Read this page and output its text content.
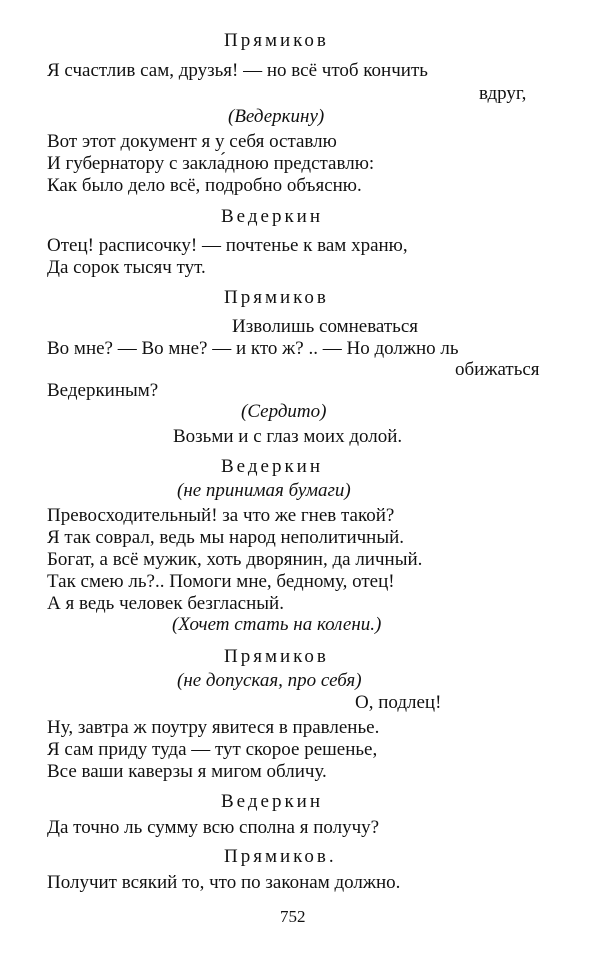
Прямиков

Я счастлив сам, друзья! — но всё чтоб кончить

вдруг,

(Ведеркину)

Вот этот документ я у себя оставлю

И губернатору с закла́дною представлю:

Как было дело всё, подробно объясню.

Ведеркин

Отец! расписочку! — почтенье к вам храню,

Да сорок тысяч тут.

Прямиков

Изволишь сомневаться

Во мне? — Во мне? — и кто ж? .. — Но должно ль

обижаться

Ведеркиным?

(Сердито)

Возьми и с глаз моих долой.

Ведеркин

(не принимая бумаги)

Превосходительный! за что же гнев такой?

Я так соврал, ведь мы народ неполитичный.

Богат, а всё мужик, хоть дворянин, да личный.

Так смею ль?.. Помоги мне, бедному, отец!

А я ведь человек безгласный.

(Хочет стать на колени.)

Прямиков

(не допуская, про себя)

О, подлец!

Ну, завтра ж поутру явитеся в правленье.

Я сам приду туда — тут скорое решенье,

Все ваши каверзы я мигом обличу.

Ведеркин

Да точно ль сумму всю сполна я получу?

Прямиков.

Получит всякий то, что по законам должно.

752
